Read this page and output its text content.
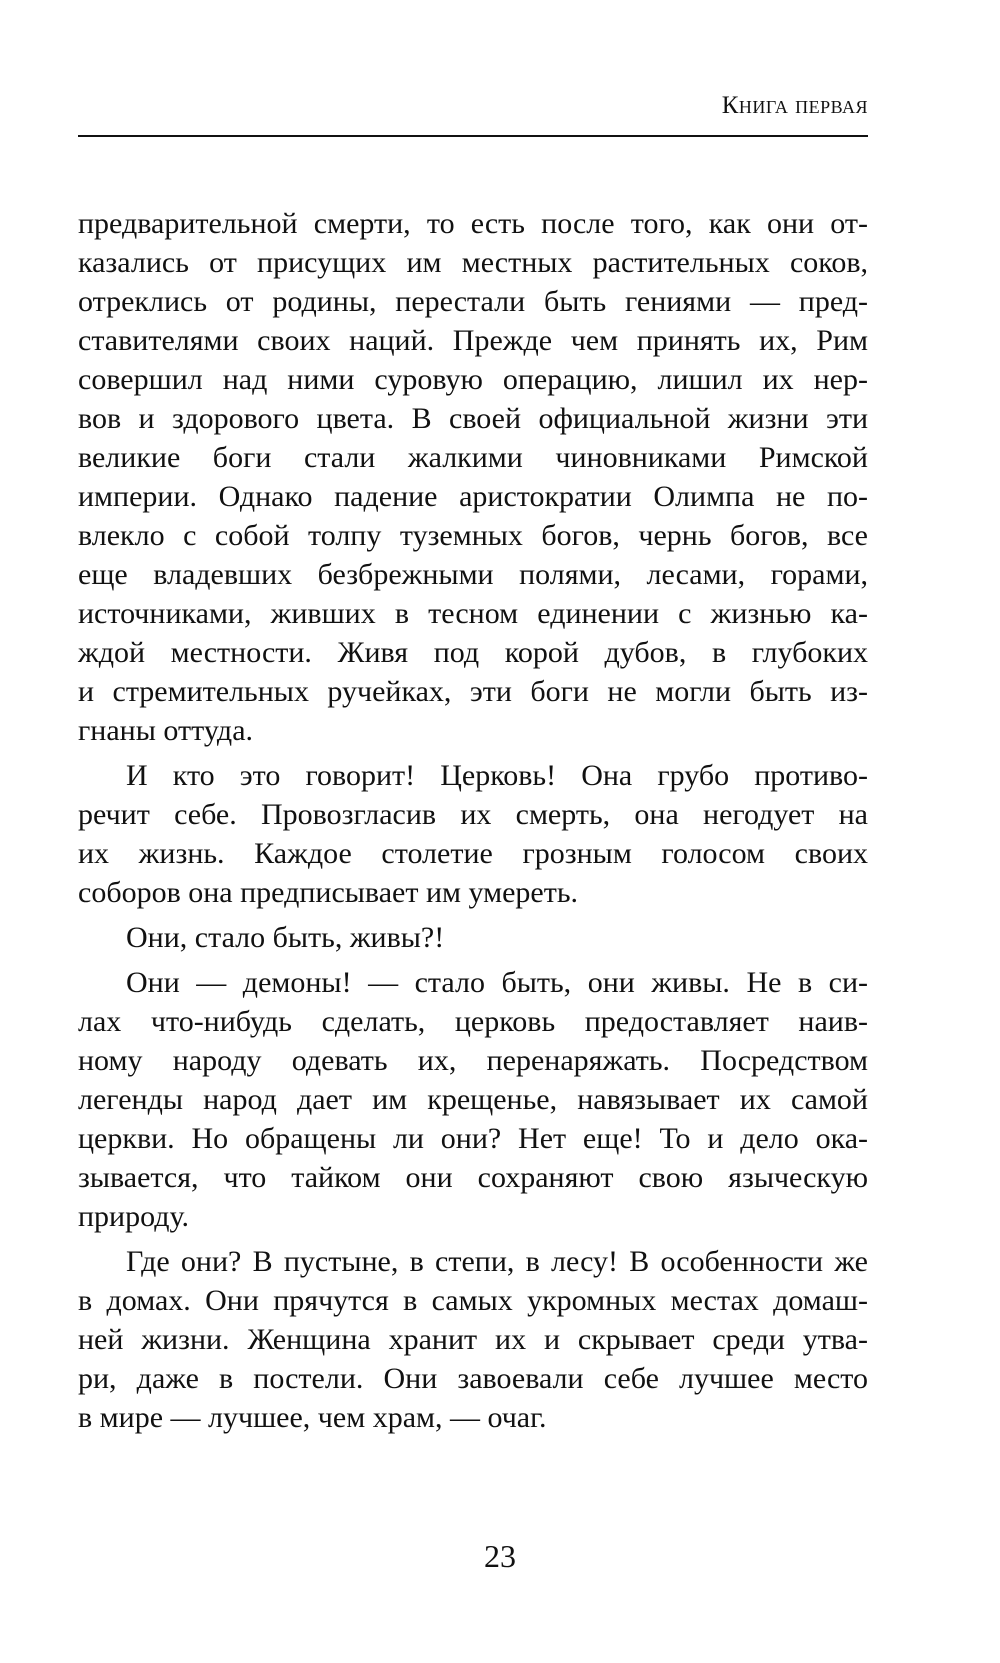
Книга первая
предварительной смерти, то есть после того, как они от-
казались от присущих им местных растительных соков,
отреклись от родины, перестали быть гениями — пред-
ставителями своих наций. Прежде чем принять их, Рим
совершил над ними суровую операцию, лишил их нер-
вов и здорового цвета. В своей официальной жизни эти
великие боги стали жалкими чиновниками Римской
империи. Однако падение аристократии Олимпа не по-
влекло с собой толпу туземных богов, чернь богов, все
еще владевших безбрежными полями, лесами, горами,
источниками, живших в тесном единении с жизнью ка-
ждой местности. Живя под корой дубов, в глубоких
и стремительных ручейках, эти боги не могли быть из-
гнаны оттуда.
И кто это говорит! Церковь! Она грубо противо-
речит себе. Провозгласив их смерть, она негодует на
их жизнь. Каждое столетие грозным голосом своих
соборов она предписывает им умереть.
Они, стало быть, живы?!
Они — демоны! — стало быть, они живы. Не в си-
лах что-нибудь сделать, церковь предоставляет наив-
ному народу одевать их, перенаряжать. Посредством
легенды народ дает им крещенье, навязывает их самой
церкви. Но обращены ли они? Нет еще! То и дело ока-
зывается, что тайком они сохраняют свою языческую
природу.
Где они? В пустыне, в степи, в лесу! В особенности же
в домах. Они прячутся в самых укромных местах домаш-
ней жизни. Женщина хранит их и скрывает среди утва-
ри, даже в постели. Они завоевали себе лучшее место
в мире — лучшее, чем храм, — очаг.
23
